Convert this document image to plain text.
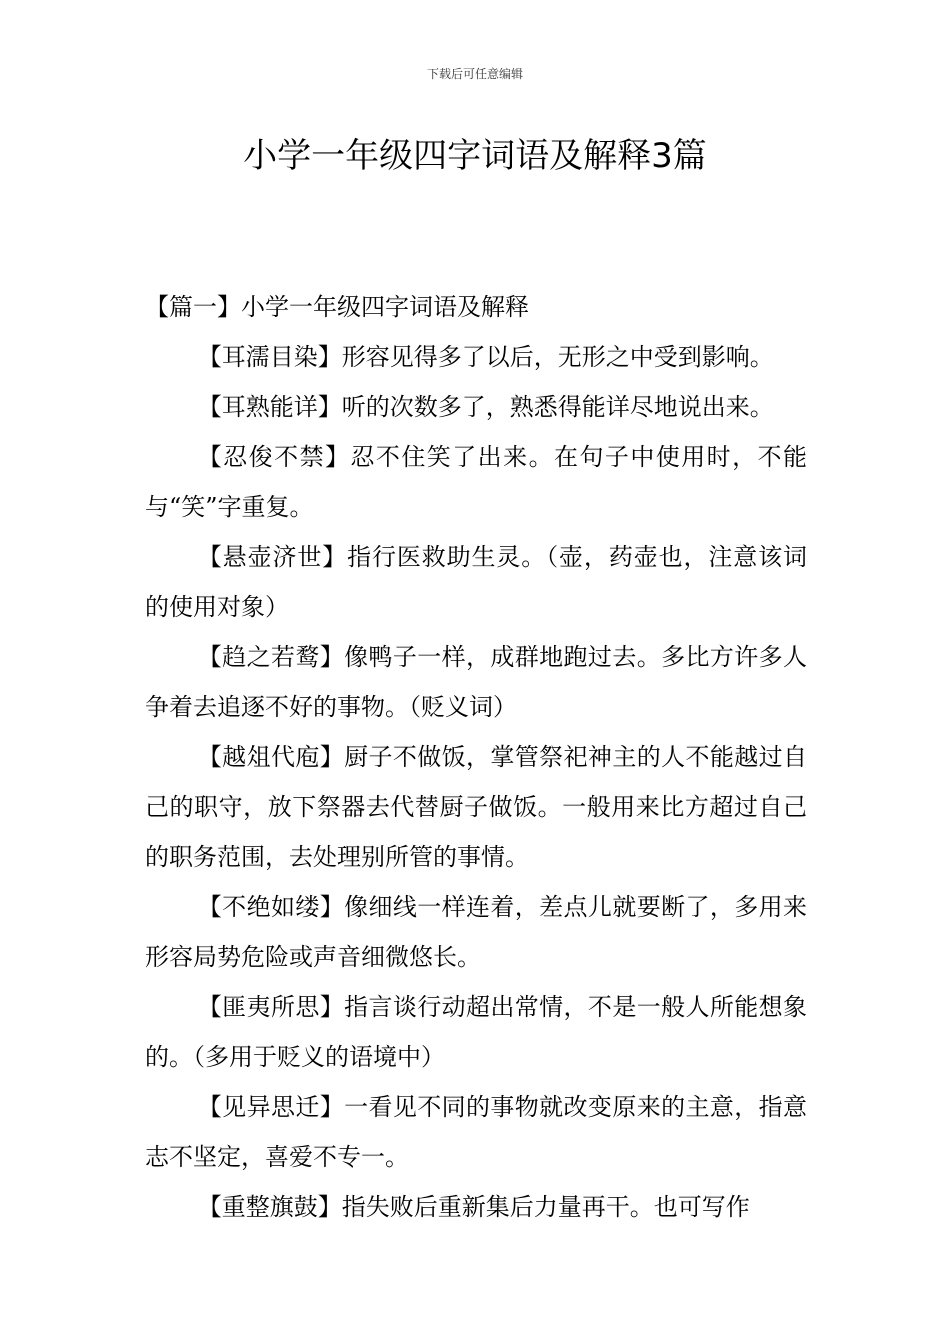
下载后可任意编辑
小学一年级四字词语及解释3篇

【篇一】小学一年级四字词语及解释

【耳濡目染】形容见得多了以后，无形之中受到影响。

【耳熟能详】听的次数多了，熟悉得能详尽地说出来。

【忍俊不禁】忍不住笑了出来。在句子中使用时，不能与“笑”字重复。

【悬壶济世】指行医救助生灵。（壶，药壶也，注意该词的使用对象）

【趋之若鹜】像鸭子一样，成群地跑过去。多比方许多人争着去追逐不好的事物。（贬义词）

【越俎代庖】厨子不做饭，掌管祭祀神主的人不能越过自己的职守，放下祭器去代替厨子做饭。一般用来比方超过自己的职务范围，去处理别所管的事情。

【不绝如缕】像细线一样连着，差点儿就要断了，多用来形容局势危险或声音细微悠长。

【匪夷所思】指言谈行动超出常情，不是一般人所能想象的。（多用于贬义的语境中）

【见异思迁】一看见不同的事物就改变原来的主意，指意志不坚定，喜爱不专一。

【重整旗鼓】指失败后重新集后力量再干。也可写作
